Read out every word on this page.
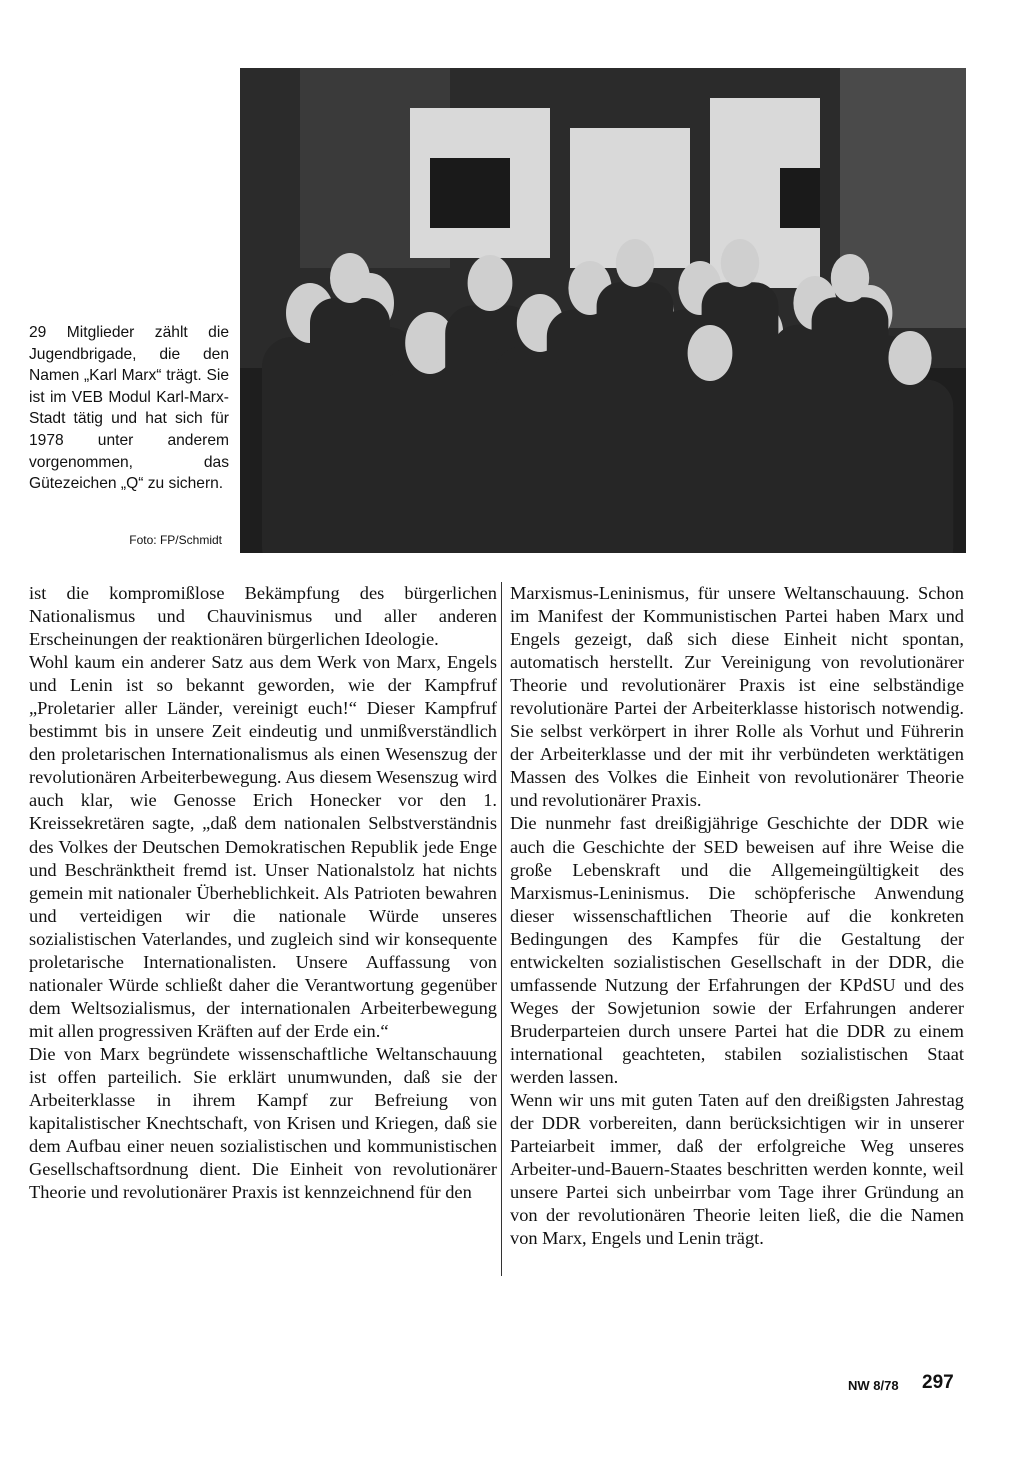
29 Mitglieder zählt die Jugendbrigade, die den Namen „Karl Marx“ trägt. Sie ist im VEB Modul Karl-Marx-Stadt tätig und hat sich für 1978 unter anderem vorgenommen, das Gütezeichen „Q“ zu sichern.
Foto: FP/Schmidt

ist die kompromißlose Bekämpfung des bürgerlichen Nationalismus und Chauvinismus und aller anderen Erscheinungen der reaktionären bürgerlichen Ideologie.

Wohl kaum ein anderer Satz aus dem Werk von Marx, Engels und Lenin ist so bekannt geworden, wie der Kampfruf „Proletarier aller Länder, vereinigt euch!“ Dieser Kampfruf bestimmt bis in unsere Zeit eindeutig und unmißverständlich den proletarischen Internationalismus als einen Wesenszug der revolutionären Arbeiterbewegung. Aus diesem Wesenszug wird auch klar, wie Genosse Erich Honecker vor den 1. Kreissekretären sagte, „daß dem nationalen Selbstverständnis des Volkes der Deutschen Demokratischen Republik jede Enge und Beschränktheit fremd ist. Unser Nationalstolz hat nichts gemein mit nationaler Überheblichkeit. Als Patrioten bewahren und verteidigen wir die nationale Würde unseres sozialistischen Vaterlandes, und zugleich sind wir konsequente proletarische Internationalisten. Unsere Auffassung von nationaler Würde schließt daher die Verantwortung gegenüber dem Weltsozialismus, der internationalen Arbeiterbewegung mit allen progressiven Kräften auf der Erde ein.“

Die von Marx begründete wissenschaftliche Weltanschauung ist offen parteilich. Sie erklärt unumwunden, daß sie der Arbeiterklasse in ihrem Kampf zur Befreiung von kapitalistischer Knechtschaft, von Krisen und Kriegen, daß sie dem Aufbau einer neuen sozialistischen und kommunistischen Gesellschaftsordnung dient. Die Einheit von revolutionärer Theorie und revolutionärer Praxis ist kennzeichnend für den

Marxismus-Leninismus, für unsere Weltanschauung. Schon im Manifest der Kommunistischen Partei haben Marx und Engels gezeigt, daß sich diese Einheit nicht spontan, automatisch herstellt. Zur Vereinigung von revolutionärer Theorie und revolutionärer Praxis ist eine selbständige revolutionäre Partei der Arbeiterklasse historisch notwendig. Sie selbst verkörpert in ihrer Rolle als Vorhut und Führerin der Arbeiterklasse und der mit ihr verbündeten werktätigen Massen des Volkes die Einheit von revolutionärer Theorie und revolutionärer Praxis.

Die nunmehr fast dreißigjährige Geschichte der DDR wie auch die Geschichte der SED beweisen auf ihre Weise die große Lebenskraft und die Allgemeingültigkeit des Marxismus-Leninismus. Die schöpferische Anwendung dieser wissenschaftlichen Theorie auf die konkreten Bedingungen des Kampfes für die Gestaltung der entwickelten sozialistischen Gesellschaft in der DDR, die umfassende Nutzung der Erfahrungen der KPdSU und des Weges der Sowjetunion sowie der Erfahrungen anderer Bruderparteien durch unsere Partei hat die DDR zu einem international geachteten, stabilen sozialistischen Staat werden lassen.

Wenn wir uns mit guten Taten auf den dreißigsten Jahrestag der DDR vorbereiten, dann berücksichtigen wir in unserer Parteiarbeit immer, daß der erfolgreiche Weg unseres Arbeiter-und-Bauern-Staates beschritten werden konnte, weil unsere Partei sich unbeirrbar vom Tage ihrer Gründung an von der revolutionären Theorie leiten ließ, die die Namen von Marx, Engels und Lenin trägt.

NW 8/78 297
